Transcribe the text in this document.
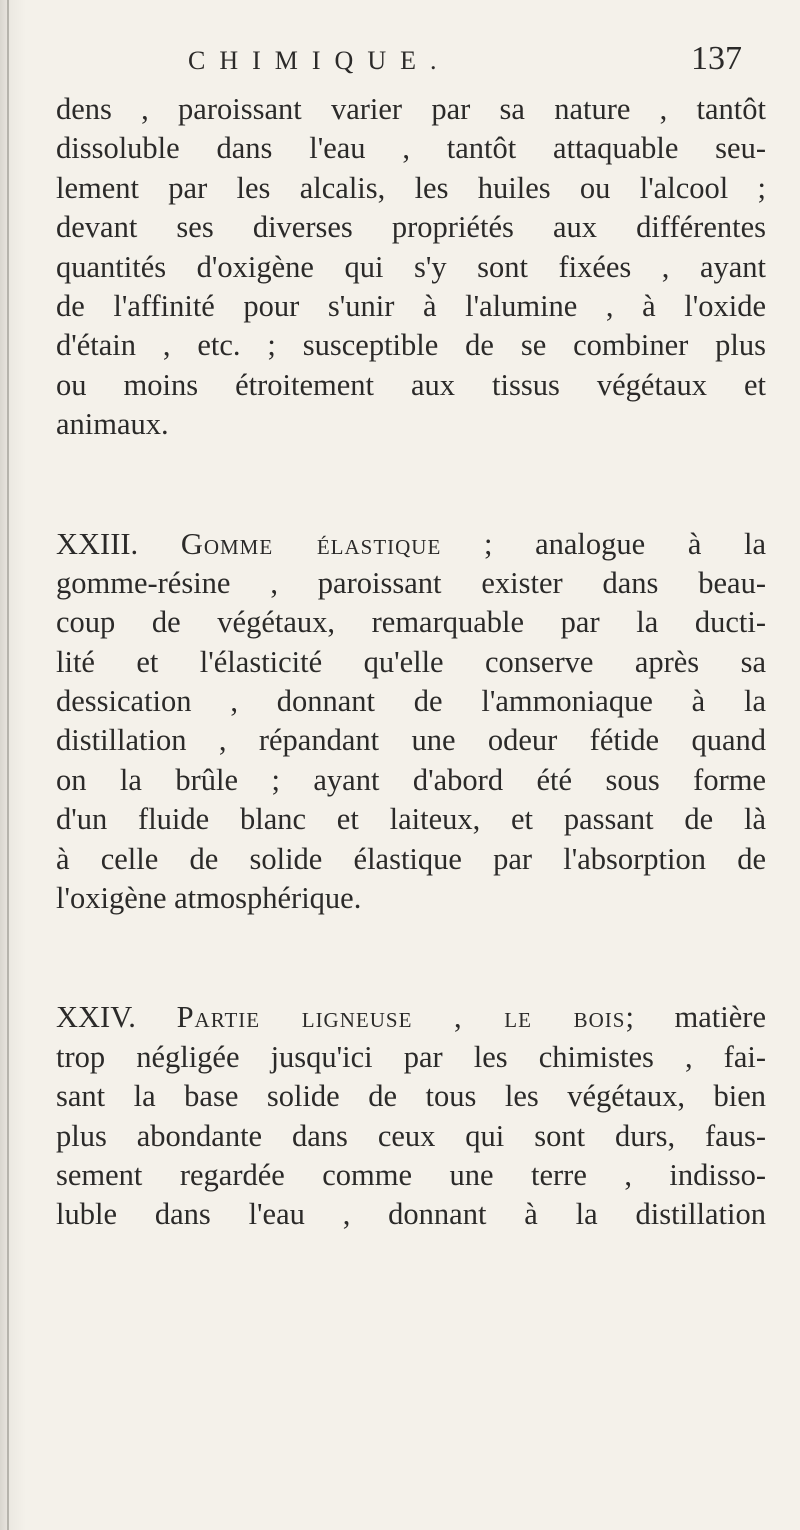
CHIMIQUE.	137
dens , paroissant varier par sa nature , tantôt
dissoluble dans l'eau , tantôt attaquable seu-
lement par les alcalis, les huiles ou l'alcool ;
devant ses diverses propriétés aux différentes
quantités d'oxigène qui s'y sont fixées , ayant
de l'affinité pour s'unir à l'alumine , à l'oxide
d'étain , etc. ; susceptible de se combiner plus
ou moins étroitement aux tissus végétaux et
animaux.
XXIII. Gomme élastique ; analogue à la
gomme-résine , paroissant exister dans beau-
coup de végétaux, remarquable par la ducti-
lité et l'élasticité qu'elle conserve après sa
dessication , donnant de l'ammoniaque à la
distillation , répandant une odeur fétide quand
on la brûle ; ayant d'abord été sous forme
d'un fluide blanc et laiteux, et passant de là
à celle de solide élastique par l'absorption de
l'oxigène atmosphérique.
XXIV. Partie ligneuse , le bois; matière
trop négligée jusqu'ici par les chimistes , fai-
sant la base solide de tous les végétaux, bien
plus abondante dans ceux qui sont durs, faus-
sement regardée comme une terre , indisso-
luble dans l'eau , donnant à la distillation
